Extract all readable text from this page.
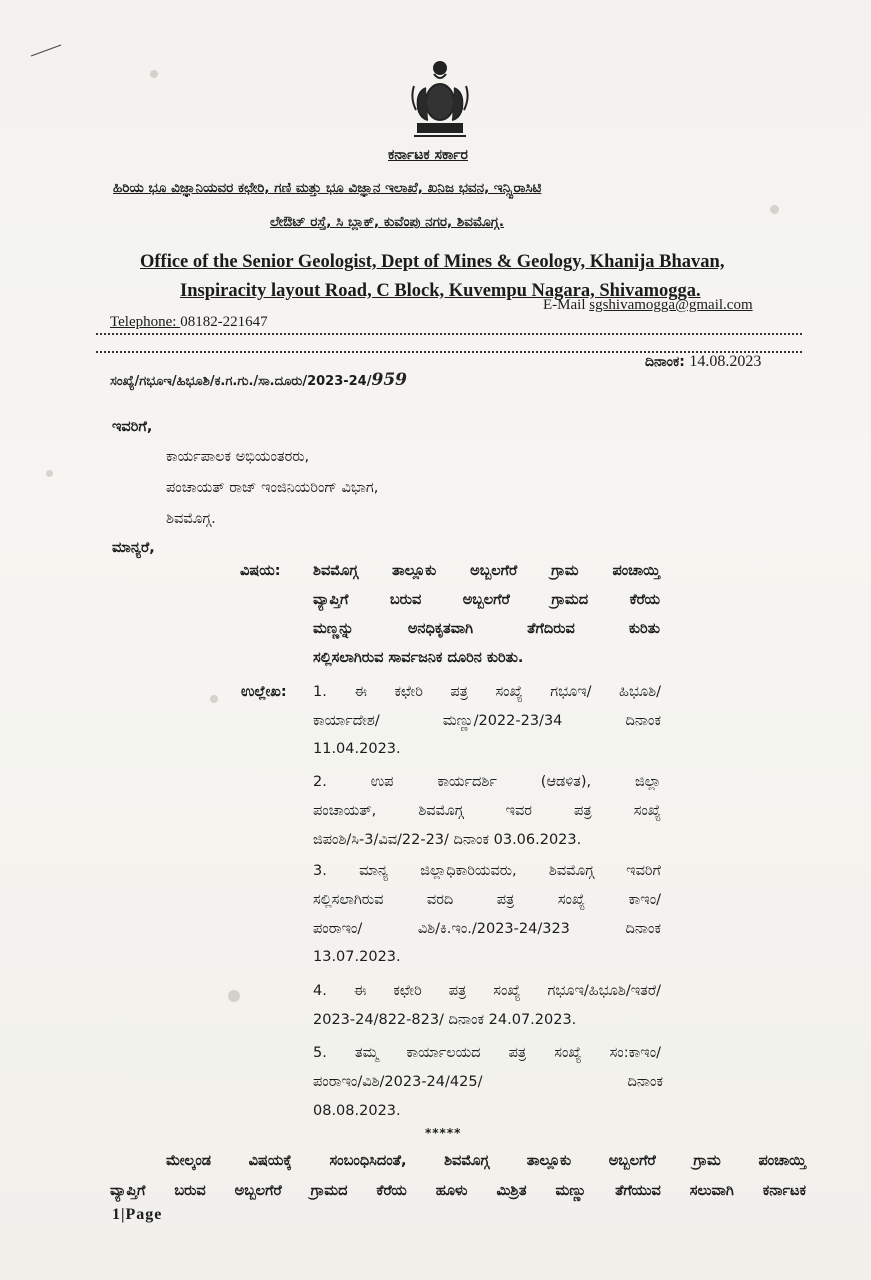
ಕರ್ನಾಟಕ ಸರ್ಕಾರ
ಹಿರಿಯ ಭೂ ವಿಜ್ಞಾನಿಯವರ ಕಛೇರಿ, ಗಣಿ ಮತ್ತು ಭೂ ವಿಜ್ಞಾನ ಇಲಾಖೆ, ಖನಿಜ ಭವನ, ಇನ್ಸ್ಪಿರಾಸಿಟಿ
ಲೇಔಟ್ ರಸ್ತೆ, ಸಿ ಬ್ಲಾಕ್, ಕುವೆಂಪು ನಗರ, ಶಿವಮೊಗ್ಗ.
Office of the Senior Geologist, Dept of Mines & Geology, Khanija Bhavan,
Inspiracity layout Road, C Block, Kuvempu Nagara, Shivamogga.
Telephone: 08182-221647
E-Mail sgshivamogga@gmail.com
ಸಂಖ್ಯೆ/ಗಭೂಇ/ಹಿಭೂಶಿ/ಕ.ಗ.ಗು./ಸಾ.ದೂರು/2023-24/959
ದಿನಾಂಕ: 14.08.2023
ಇವರಿಗೆ,
ಕಾರ್ಯಪಾಲಕ ಅಭಿಯಂತರರು,
ಪಂಚಾಯತ್ ರಾಜ್ ಇಂಜಿನಿಯರಿಂಗ್ ವಿಭಾಗ,
ಶಿವಮೊಗ್ಗ.
ಮಾನ್ಯರೆ,
ವಿಷಯ: ಶಿವಮೊಗ್ಗ ತಾಲ್ಲೂಕು ಅಬ್ಬಲಗೆರೆ ಗ್ರಾಮ ಪಂಚಾಯ್ತಿ
ವ್ಯಾಪ್ತಿಗೆ ಬರುವ ಅಬ್ಬಲಗೆರೆ ಗ್ರಾಮದ ಕೆರೆಯ
ಮಣ್ಣನ್ನು ಅನಧಿಕೃತವಾಗಿ ತೆಗೆದಿರುವ ಕುರಿತು
ಸಲ್ಲಿಸಲಾಗಿರುವ ಸಾರ್ವಜನಿಕ ದೂರಿನ ಕುರಿತು.
ಉಲ್ಲೇಖ: 1. ಈ ಕಛೇರಿ ಪತ್ರ ಸಂಖ್ಯೆ ಗಭೂಇ/ ಹಿಭೂಶಿ/
ಕಾರ್ಯಾದೇಶ/ ಮಣ್ಣು/2022-23/34 ದಿನಾಂಕ
11.04.2023.
2. ಉಪ ಕಾರ್ಯದರ್ಶಿ (ಆಡಳಿತ), ಜಿಲ್ಲಾ
ಪಂಚಾಯತ್, ಶಿವಮೊಗ್ಗ ಇವರ ಪತ್ರ ಸಂಖ್ಯೆ
ಜಿಪಂಶಿ/ಸಿ-3/ವಿವ/22-23/ ದಿನಾಂಕ 03.06.2023.
3. ಮಾನ್ಯ ಜಿಲ್ಲಾಧಿಕಾರಿಯವರು, ಶಿವಮೊಗ್ಗ ಇವರಿಗೆ
ಸಲ್ಲಿಸಲಾಗಿರುವ ವರದಿ ಪತ್ರ ಸಂಖ್ಯೆ ಕಾಇಂ/
ಪಂರಾಇಂ/ ವಿಶಿ/ಕಿ.ಇಂ./2023-24/323 ದಿನಾಂಕ
13.07.2023.
4. ಈ ಕಛೇರಿ ಪತ್ರ ಸಂಖ್ಯೆ ಗಭೂಇ/ಹಿಭೂಶಿ/ಇತರೆ/
2023-24/822-823/ ದಿನಾಂಕ 24.07.2023.
5. ತಮ್ಮ ಕಾರ್ಯಾಲಯದ ಪತ್ರ ಸಂಖ್ಯೆ ಸಂ:ಕಾಇಂ/
ಪಂರಾಇಂ/ವಿಶಿ/2023-24/425/ ದಿನಾಂಕ
08.08.2023.
*****
ಮೇಲ್ಕಂಡ ವಿಷಯಕ್ಕೆ ಸಂಬಂಧಿಸಿದಂತೆ, ಶಿವಮೊಗ್ಗ ತಾಲ್ಲೂಕು ಅಬ್ಬಲಗೆರೆ ಗ್ರಾಮ ಪಂಚಾಯ್ತಿ
ವ್ಯಾಪ್ತಿಗೆ ಬರುವ ಅಬ್ಬಲಗೆರೆ ಗ್ರಾಮದ ಕೆರೆಯ ಹೂಳು ಮಿಶ್ರಿತ ಮಣ್ಣು ತೆಗೆಯುವ ಸಲುವಾಗಿ ಕರ್ನಾಟಕ
1|Page
